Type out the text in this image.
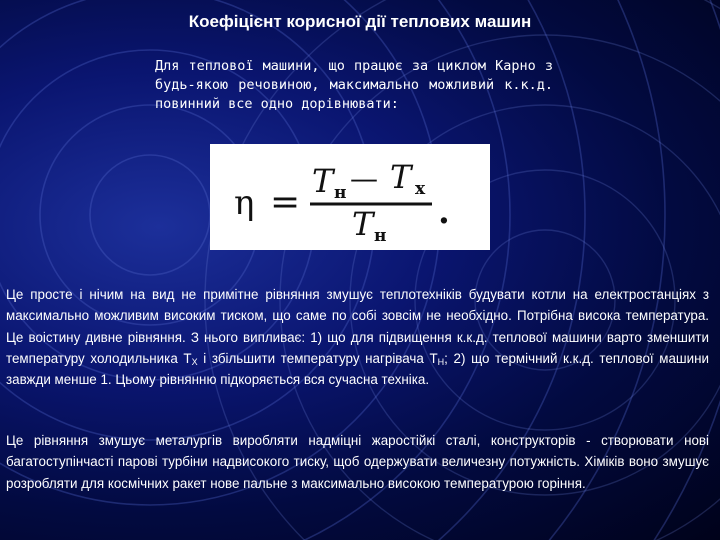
Коефіцієнт корисної дії теплових машин

Для теплової машини, що працює за циклом Карно з будь-якою речовиною, максимально можливий к.к.д. повинний все одно дорівнювати:

η =
T н — T х
T н
.

Це просте і нічим на вид не примітне рівняння змушує теплотехніків будувати котли на електростанціях з максимально можливим високим тиском, що саме по собі зовсім не необхідно. Потрібна висока температура. Це воістину дивне рівняння. З нього випливає: 1) що для підвищення к.к.д. теплової машини варто зменшити температуру холодильника $Т_Х$ і збільшити температуру нагрівача $Т_Н$; 2) що термічний к.к.д. теплової машини завжди менше 1. Цьому рівнянню підкоряється вся сучасна техніка.

Це рівняння змушує металургів виробляти надміцні жаростійкі сталі, конструкторів - створювати нові багатоступінчасті парові турбіни надвисокого тиску, щоб одержувати величезну потужність. Хіміків воно змушує розробляти для космічних ракет нове пальне з максимально високою температурою горіння.
